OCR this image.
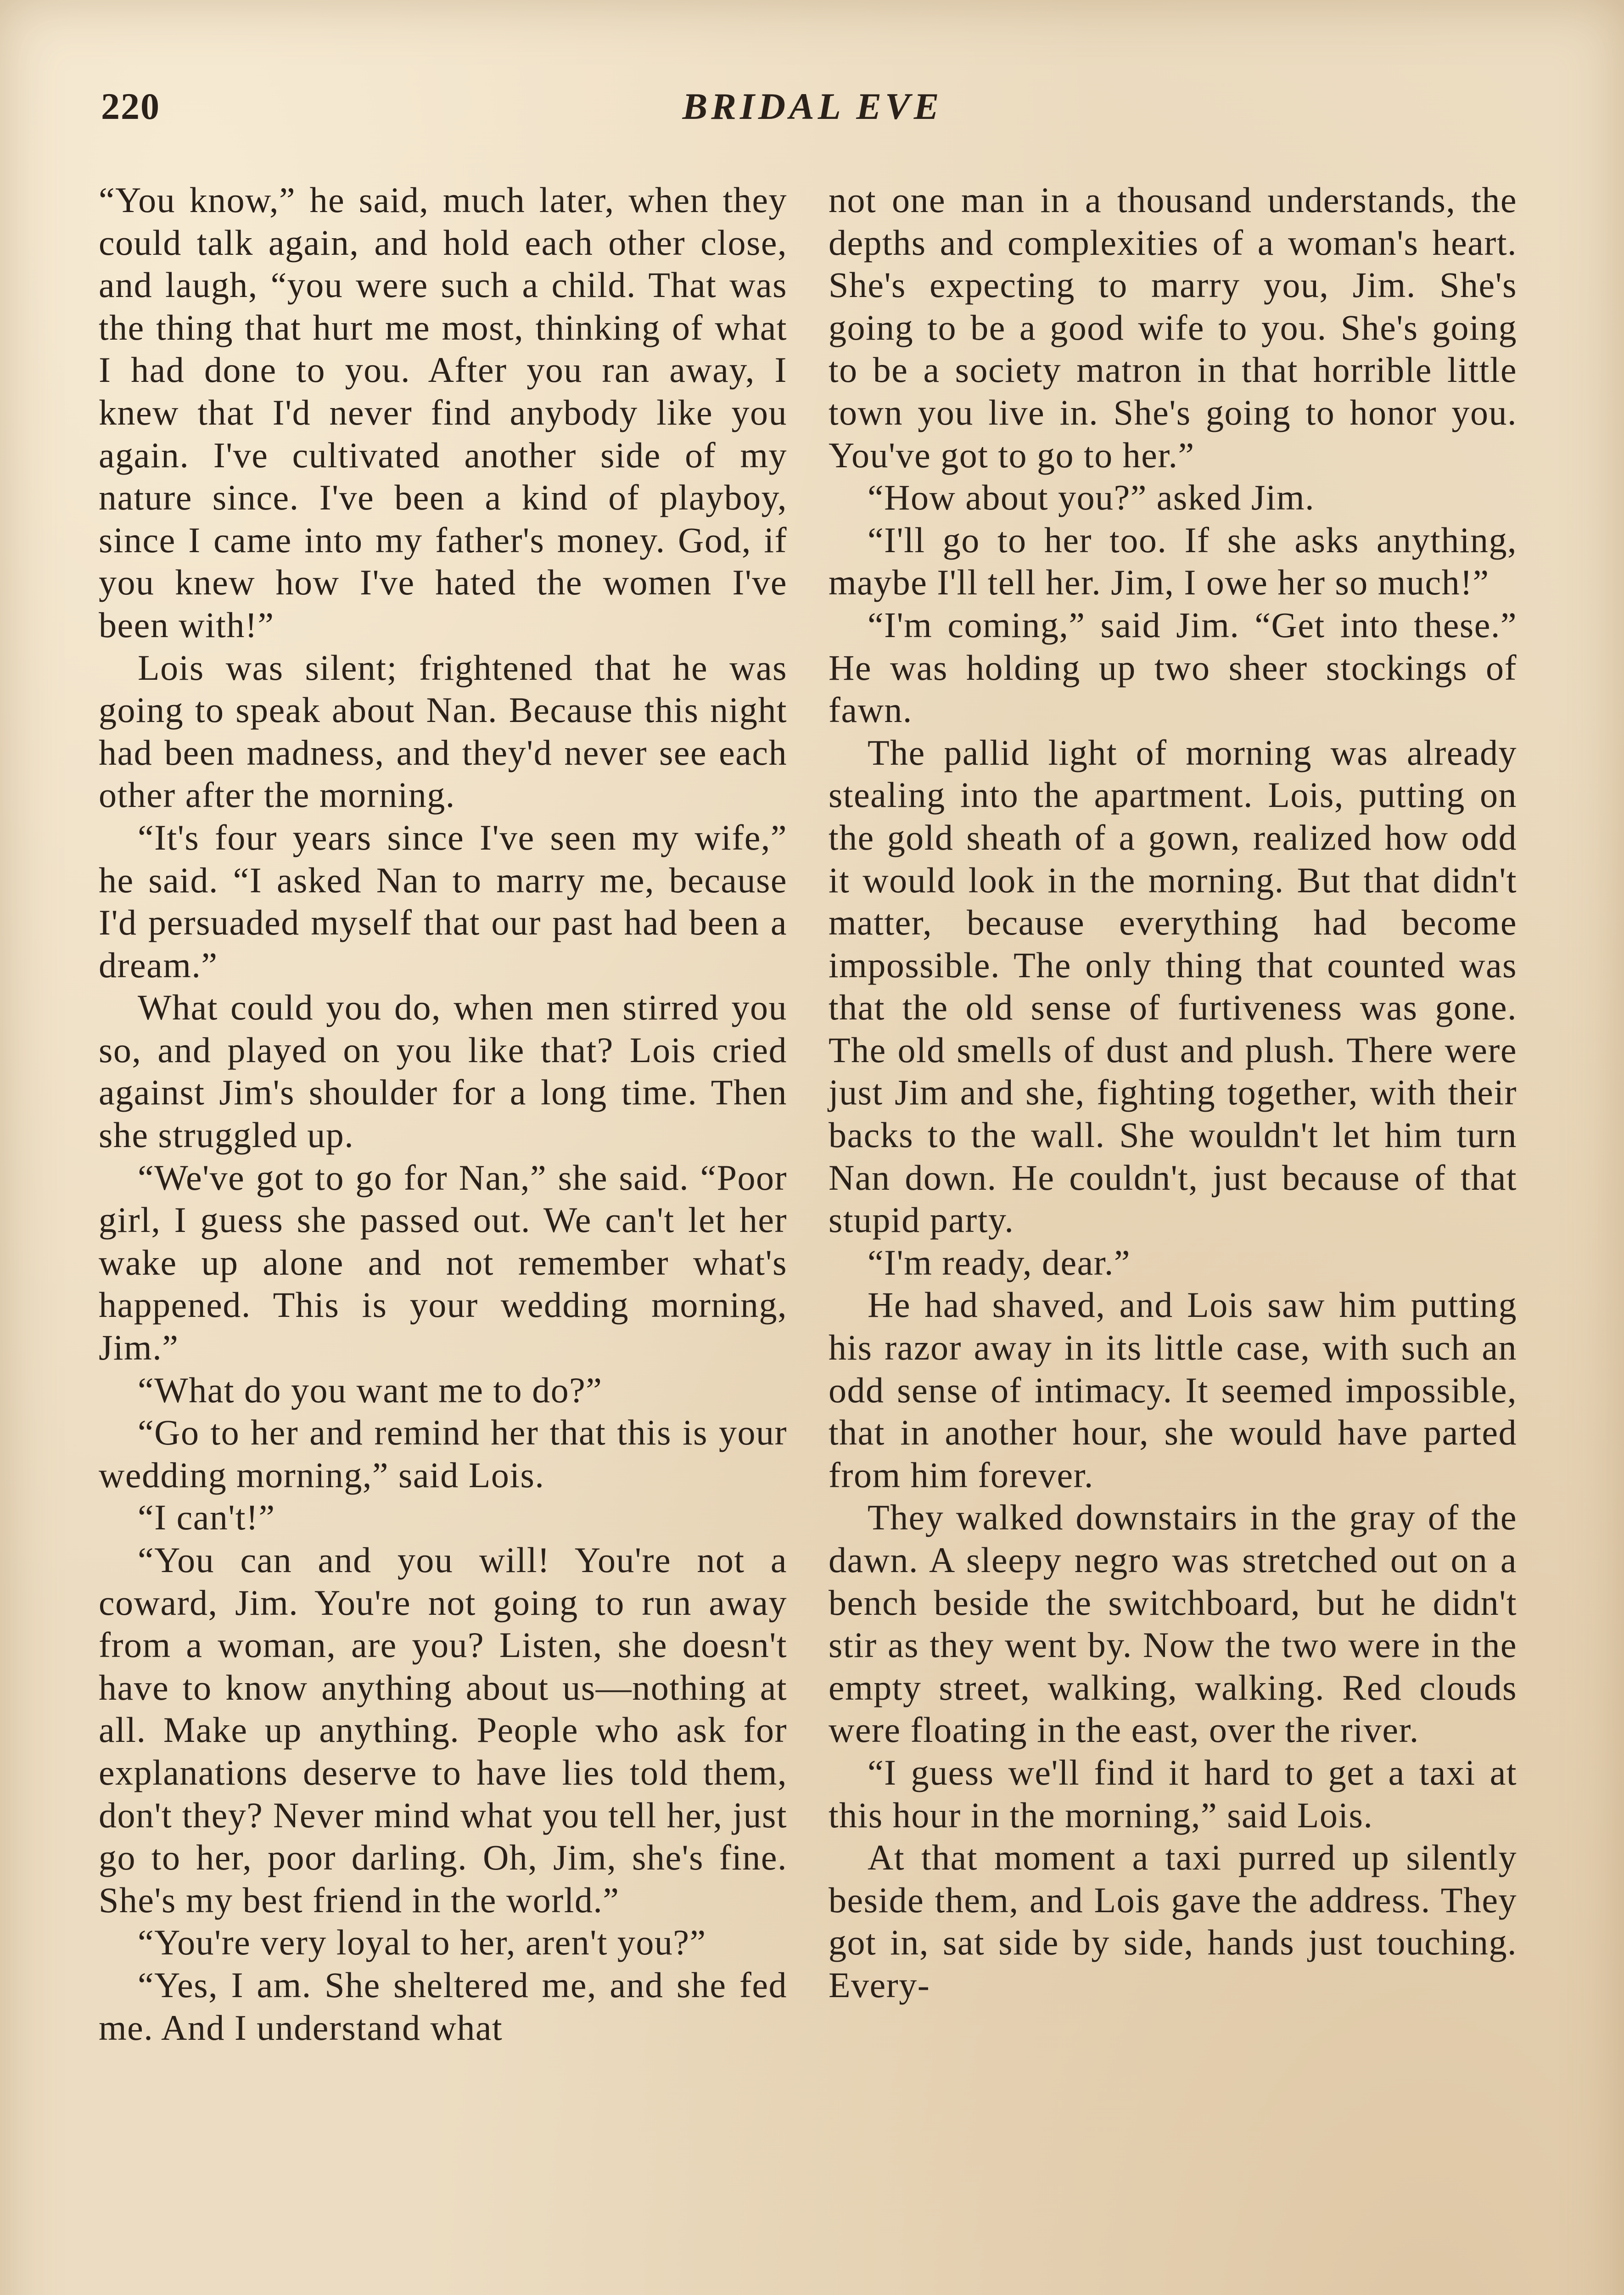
220	BRIDAL EVE

“You know,” he said, much later, when they could talk again, and hold each other close, and laugh, “you were such a child. That was the thing that hurt me most, thinking of what I had done to you. After you ran away, I knew that I'd never find anybody like you again. I've cultivated another side of my nature since. I've been a kind of playboy, since I came into my father's money. God, if you knew how I've hated the women I've been with!”

Lois was silent; frightened that he was going to speak about Nan. Because this night had been madness, and they'd never see each other after the morning.

“It's four years since I've seen my wife,” he said. “I asked Nan to marry me, because I'd persuaded myself that our past had been a dream.”

What could you do, when men stirred you so, and played on you like that? Lois cried against Jim's shoulder for a long time. Then she struggled up.

“We've got to go for Nan,” she said. “Poor girl, I guess she passed out. We can't let her wake up alone and not remember what's happened. This is your wedding morning, Jim.”

“What do you want me to do?”

“Go to her and remind her that this is your wedding morning,” said Lois.

“I can't!”

“You can and you will! You're not a coward, Jim. You're not going to run away from a woman, are you? Listen, she doesn't have to know anything about us—nothing at all. Make up anything. People who ask for explanations deserve to have lies told them, don't they? Never mind what you tell her, just go to her, poor darling. Oh, Jim, she's fine. She's my best friend in the world.”

“You're very loyal to her, aren't you?”

“Yes, I am. She sheltered me, and she fed me. And I understand what

not one man in a thousand understands, the depths and complexities of a woman's heart. She's expecting to marry you, Jim. She's going to be a good wife to you. She's going to be a society matron in that horrible little town you live in. She's going to honor you. You've got to go to her.”

“How about you?” asked Jim.

“I'll go to her too. If she asks anything, maybe I'll tell her. Jim, I owe her so much!”

“I'm coming,” said Jim. “Get into these.” He was holding up two sheer stockings of fawn.

The pallid light of morning was already stealing into the apartment. Lois, putting on the gold sheath of a gown, realized how odd it would look in the morning. But that didn't matter, because everything had become impossible. The only thing that counted was that the old sense of furtiveness was gone. The old smells of dust and plush. There were just Jim and she, fighting together, with their backs to the wall. She wouldn't let him turn Nan down. He couldn't, just because of that stupid party.

“I'm ready, dear.”

He had shaved, and Lois saw him putting his razor away in its little case, with such an odd sense of intimacy. It seemed impossible, that in another hour, she would have parted from him forever.

They walked downstairs in the gray of the dawn. A sleepy negro was stretched out on a bench beside the switchboard, but he didn't stir as they went by. Now the two were in the empty street, walking, walking. Red clouds were floating in the east, over the river.

“I guess we'll find it hard to get a taxi at this hour in the morning,” said Lois.

At that moment a taxi purred up silently beside them, and Lois gave the address. They got in, sat side by side, hands just touching. Every-
